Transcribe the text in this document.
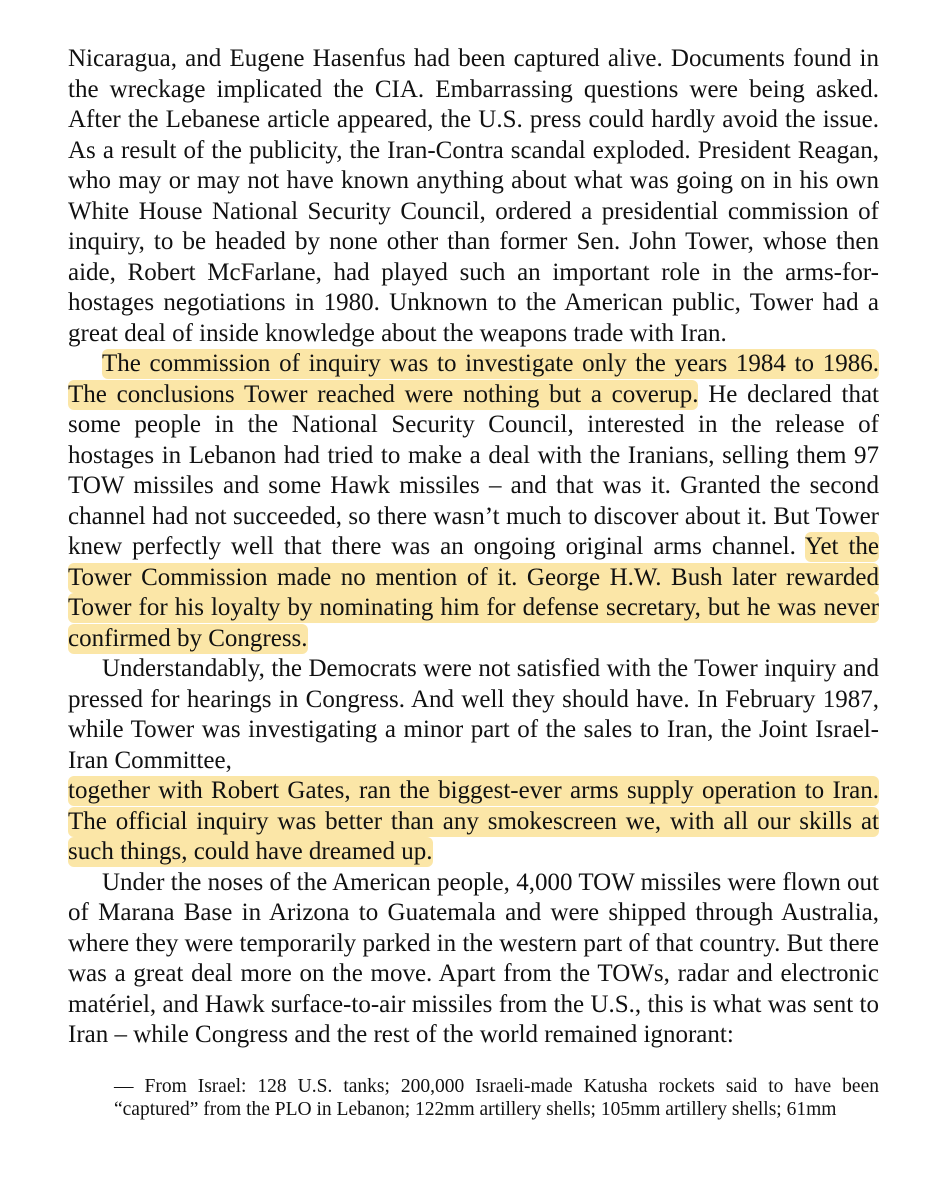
Nicaragua, and Eugene Hasenfus had been captured alive. Documents found in the wreckage implicated the CIA. Embarrassing questions were being asked. After the Lebanese article appeared, the U.S. press could hardly avoid the issue. As a result of the publicity, the Iran-Contra scandal exploded. President Reagan, who may or may not have known anything about what was going on in his own White House National Security Council, ordered a presidential commission of inquiry, to be headed by none other than former Sen. John Tower, whose then aide, Robert McFarlane, had played such an important role in the arms-for-hostages negotiations in 1980. Unknown to the American public, Tower had a great deal of inside knowledge about the weapons trade with Iran.

The commission of inquiry was to investigate only the years 1984 to 1986. The conclusions Tower reached were nothing but a coverup. He declared that some people in the National Security Council, interested in the release of hostages in Lebanon had tried to make a deal with the Iranians, selling them 97 TOW missiles and some Hawk missiles – and that was it. Granted the second channel had not succeeded, so there wasn’t much to discover about it. But Tower knew perfectly well that there was an ongoing original arms channel. Yet the Tower Commission made no mention of it. George H.W. Bush later rewarded Tower for his loyalty by nominating him for defense secretary, but he was never confirmed by Congress.

Understandably, the Democrats were not satisfied with the Tower inquiry and pressed for hearings in Congress. And well they should have. In February 1987, while Tower was investigating a minor part of the sales to Iran, the Joint Israel-Iran Committee,

together with Robert Gates, ran the biggest-ever arms supply operation to Iran. The official inquiry was better than any smokescreen we, with all our skills at such things, could have dreamed up.

Under the noses of the American people, 4,000 TOW missiles were flown out of Marana Base in Arizona to Guatemala and were shipped through Australia, where they were temporarily parked in the western part of that country. But there was a great deal more on the move. Apart from the TOWs, radar and electronic matériel, and Hawk surface-to-air missiles from the U.S., this is what was sent to Iran – while Congress and the rest of the world remained ignorant:

— From Israel: 128 U.S. tanks; 200,000 Israeli-made Katusha rockets said to have been “captured” from the PLO in Lebanon; 122mm artillery shells; 105mm artillery shells; 61mm
